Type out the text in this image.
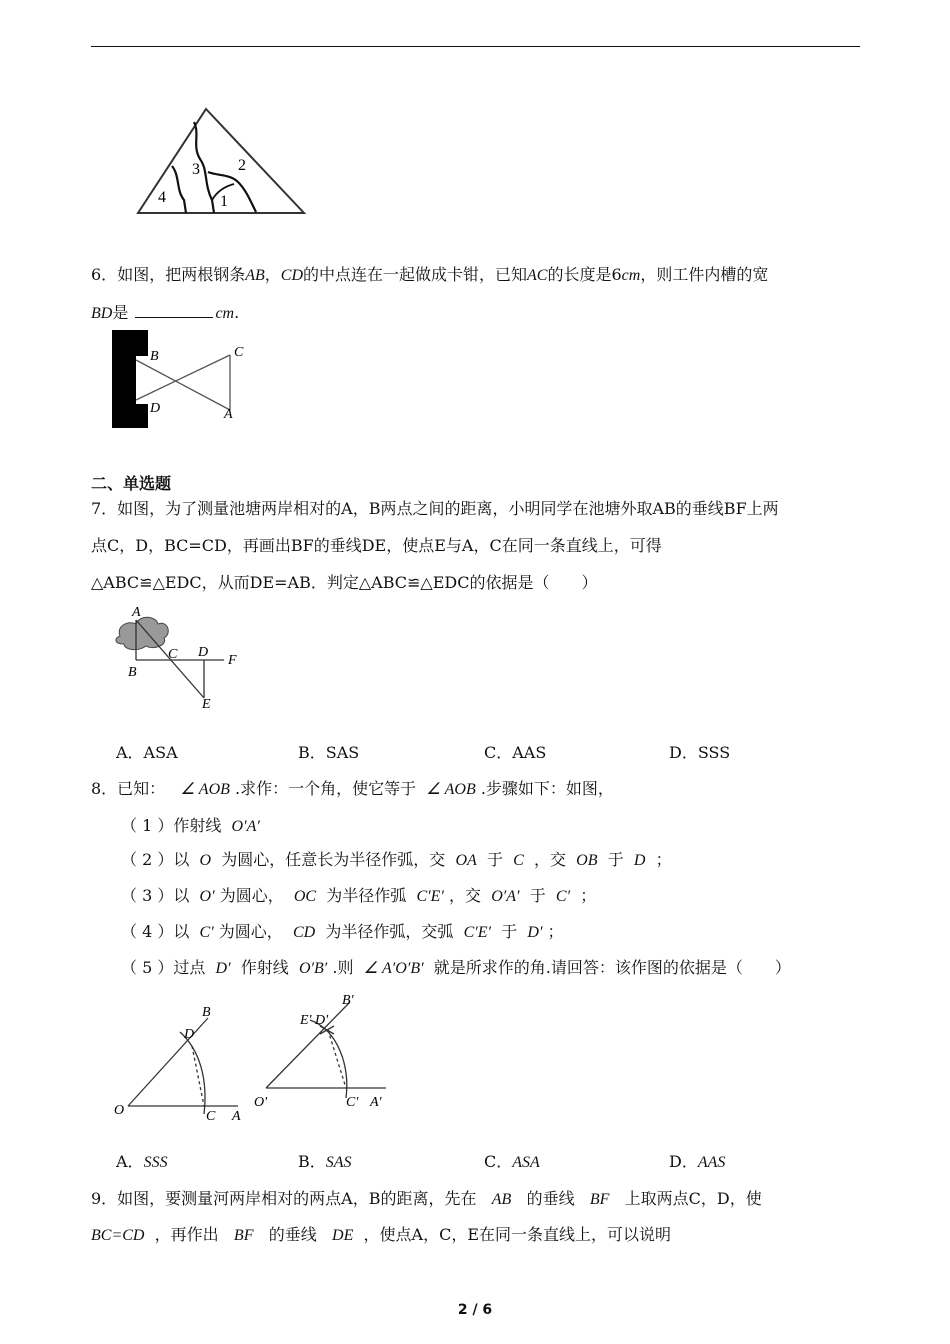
4
3 2
1
6．如图，把两根钢条AB，CD的中点连在一起做成卡钳，已知AC的长度是6cm，则工件内槽的宽
BD是	cm.
B	C
D	A
二、单选题
7．如图，为了测量池塘两岸相对的A，B两点之间的距离，小明同学在池塘外取AB的垂线BF上两
点C，D，BC=CD，再画出BF的垂线DE，使点E与A，C在同一条直线上，可得
△ABC≌△EDC，从而DE=AB．判定△ABC≌△EDC的依据是（　　）
A
B
C D
F
E
A．ASA	B．SAS	C．AAS	D．SSS
8．已知： ∠ AOB .求作：一个角，使它等于 ∠ AOB .步骤如下：如图，
（ 1 ）作射线 O′A′
（ 2 ）以 O 为圆心，任意长为半径作弧，交 OA 于 C ，交 OB 于 D ；
（ 3 ）以 O′ 为圆心， OC 为半径作弧 C′E′ ，交 O′A′ 于 C′ ；
（ 4 ）以 C′ 为圆心， CD 为半径作弧，交弧 C′E′ 于 D′ ；
（ 5 ）过点 D′ 作射线 O′B′ .则 ∠ A′O′B′ 就是所求作的角.请回答：该作图的依据是（　　）
B
D
O	C A
B'
E' D'
O'	C' A'
A．SSS	B．SAS	C．ASA	D．AAS
9．如图，要测量河两岸相对的两点A，B的距离，先在 AB 的垂线 BF 上取两点C，D，使
BC=CD ，再作出 BF 的垂线 DE ，使点A，C，E在同一条直线上，可以说明
2 / 6
